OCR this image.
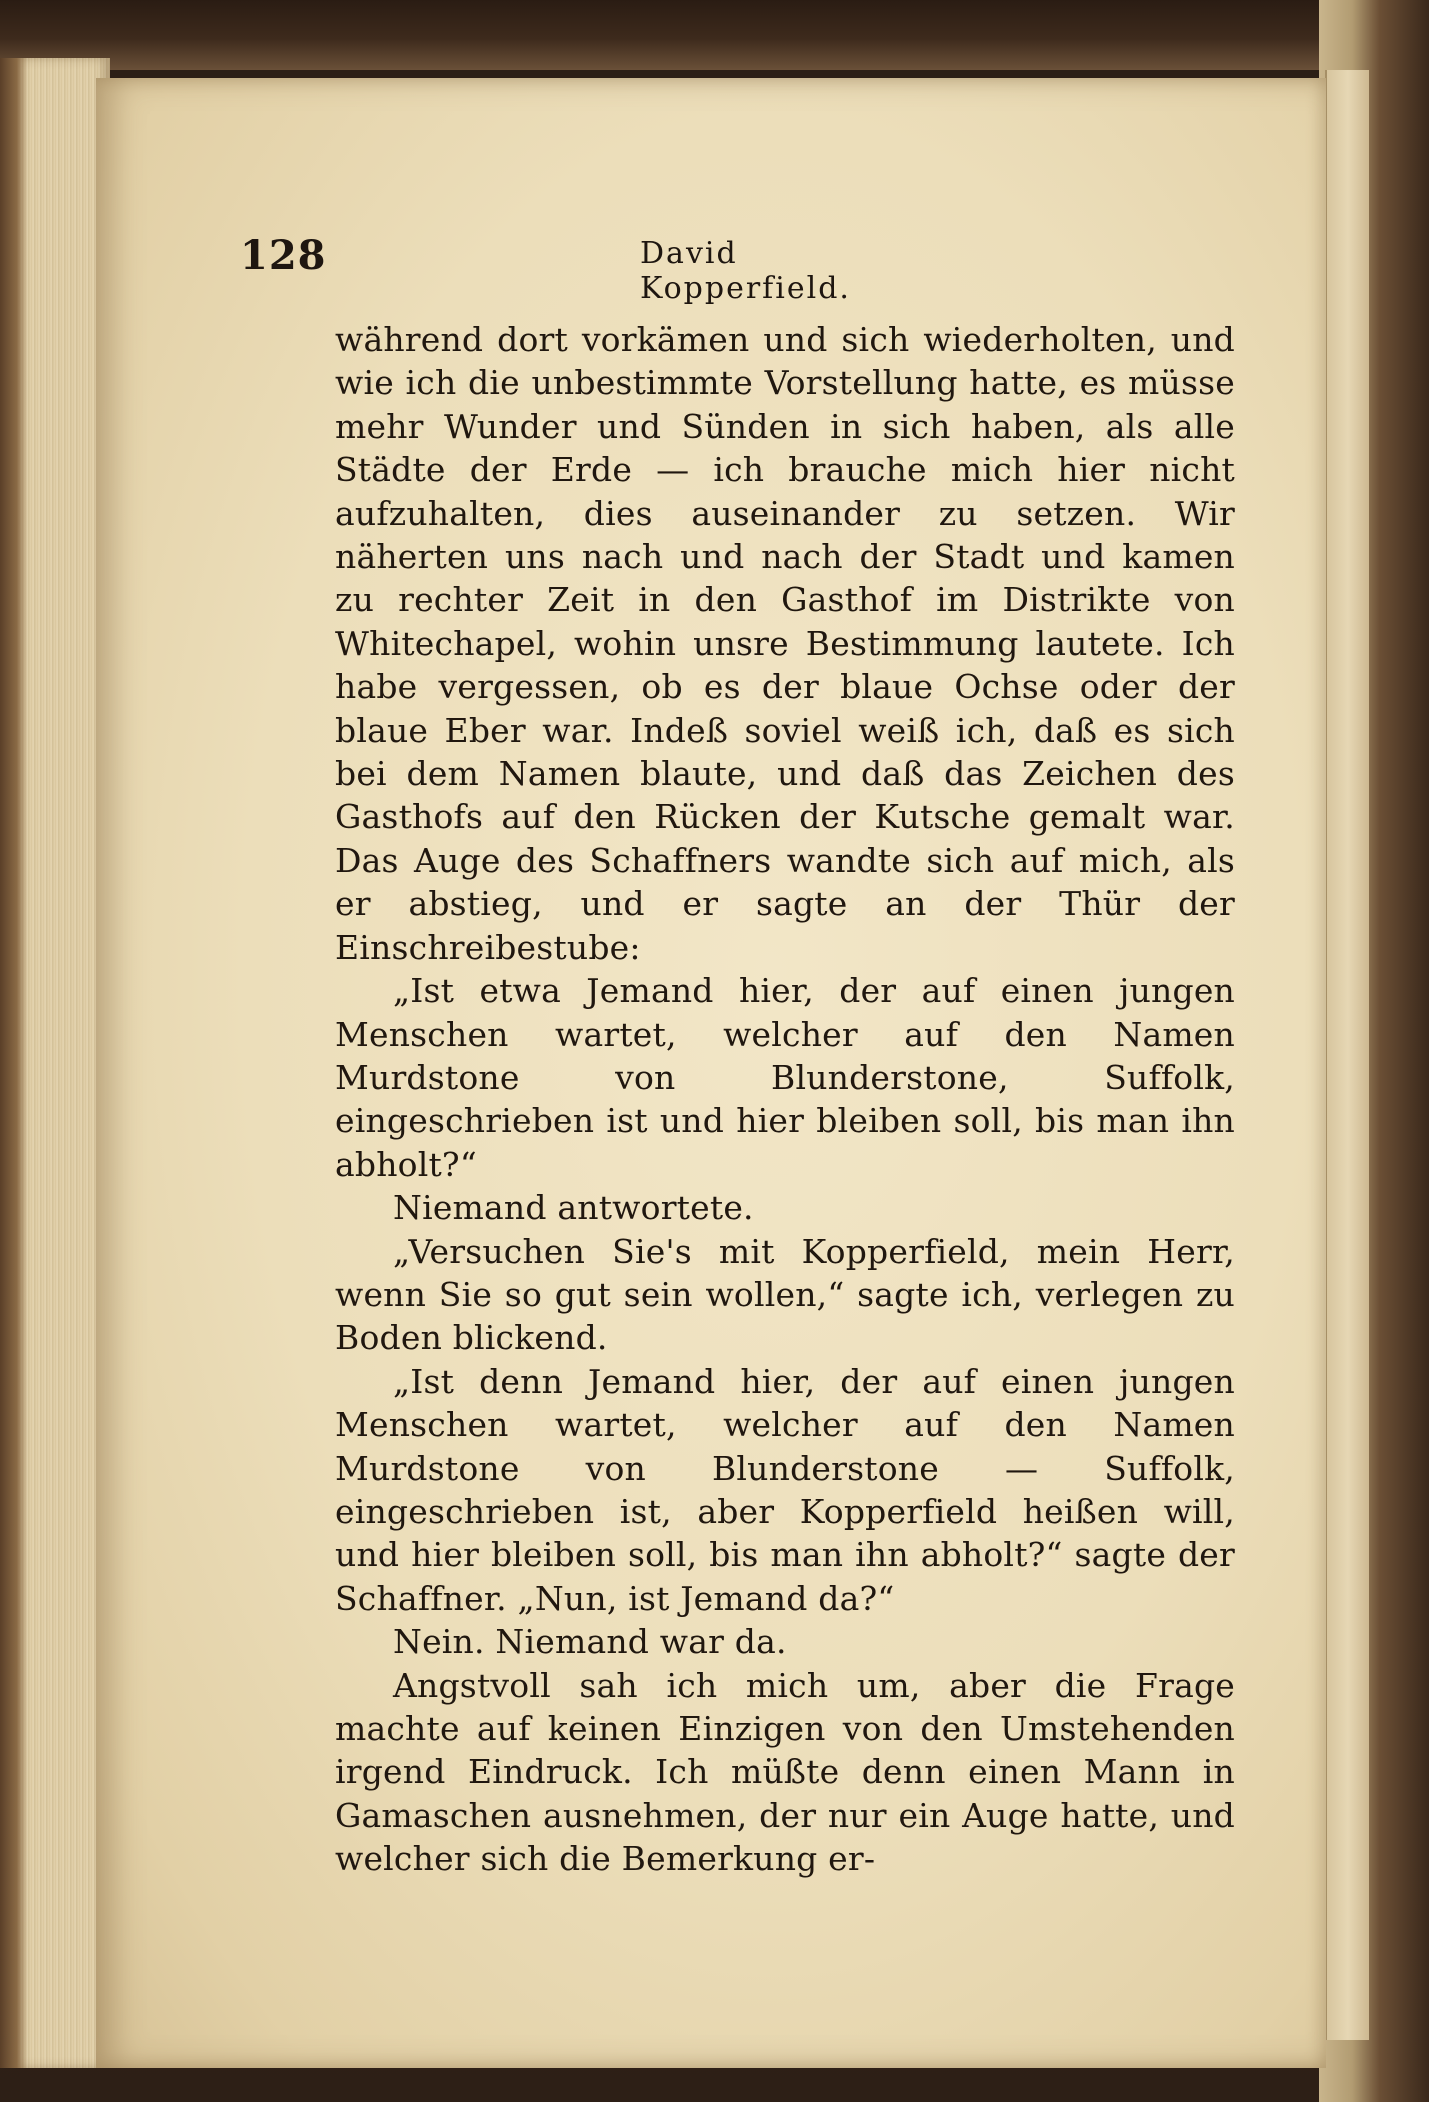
128	David Kopperfield.

während dort vorkämen und sich wiederholten, und wie ich die unbestimmte Vorstellung hatte, es müsse mehr Wunder und Sünden in sich haben, als alle Städte der Erde — ich brauche mich hier nicht aufzuhalten, dies auseinander zu setzen. Wir näherten uns nach und nach der Stadt und kamen zu rechter Zeit in den Gasthof im Distrikte von Whitechapel, wohin unsre Bestimmung lautete. Ich habe vergessen, ob es der blaue Ochse oder der blaue Eber war. Indeß soviel weiß ich, daß es sich bei dem Namen blaute, und daß das Zeichen des Gasthofs auf den Rücken der Kutsche gemalt war. Das Auge des Schaffners wandte sich auf mich, als er abstieg, und er sagte an der Thür der Einschreibestube:

„Ist etwa Jemand hier, der auf einen jungen Menschen wartet, welcher auf den Namen Murdstone von Blunderstone, Suffolk, eingeschrieben ist und hier bleiben soll, bis man ihn abholt?“

Niemand antwortete.

„Versuchen Sie's mit Kopperfield, mein Herr, wenn Sie so gut sein wollen,“ sagte ich, verlegen zu Boden blickend.

„Ist denn Jemand hier, der auf einen jungen Menschen wartet, welcher auf den Namen Murdstone von Blunderstone — Suffolk, eingeschrieben ist, aber Kopperfield heißen will, und hier bleiben soll, bis man ihn abholt?“ sagte der Schaffner. „Nun, ist Jemand da?“

Nein. Niemand war da.

Angstvoll sah ich mich um, aber die Frage machte auf keinen Einzigen von den Umstehenden irgend Eindruck. Ich müßte denn einen Mann in Gamaschen ausnehmen, der nur ein Auge hatte, und welcher sich die Bemerkung er-
